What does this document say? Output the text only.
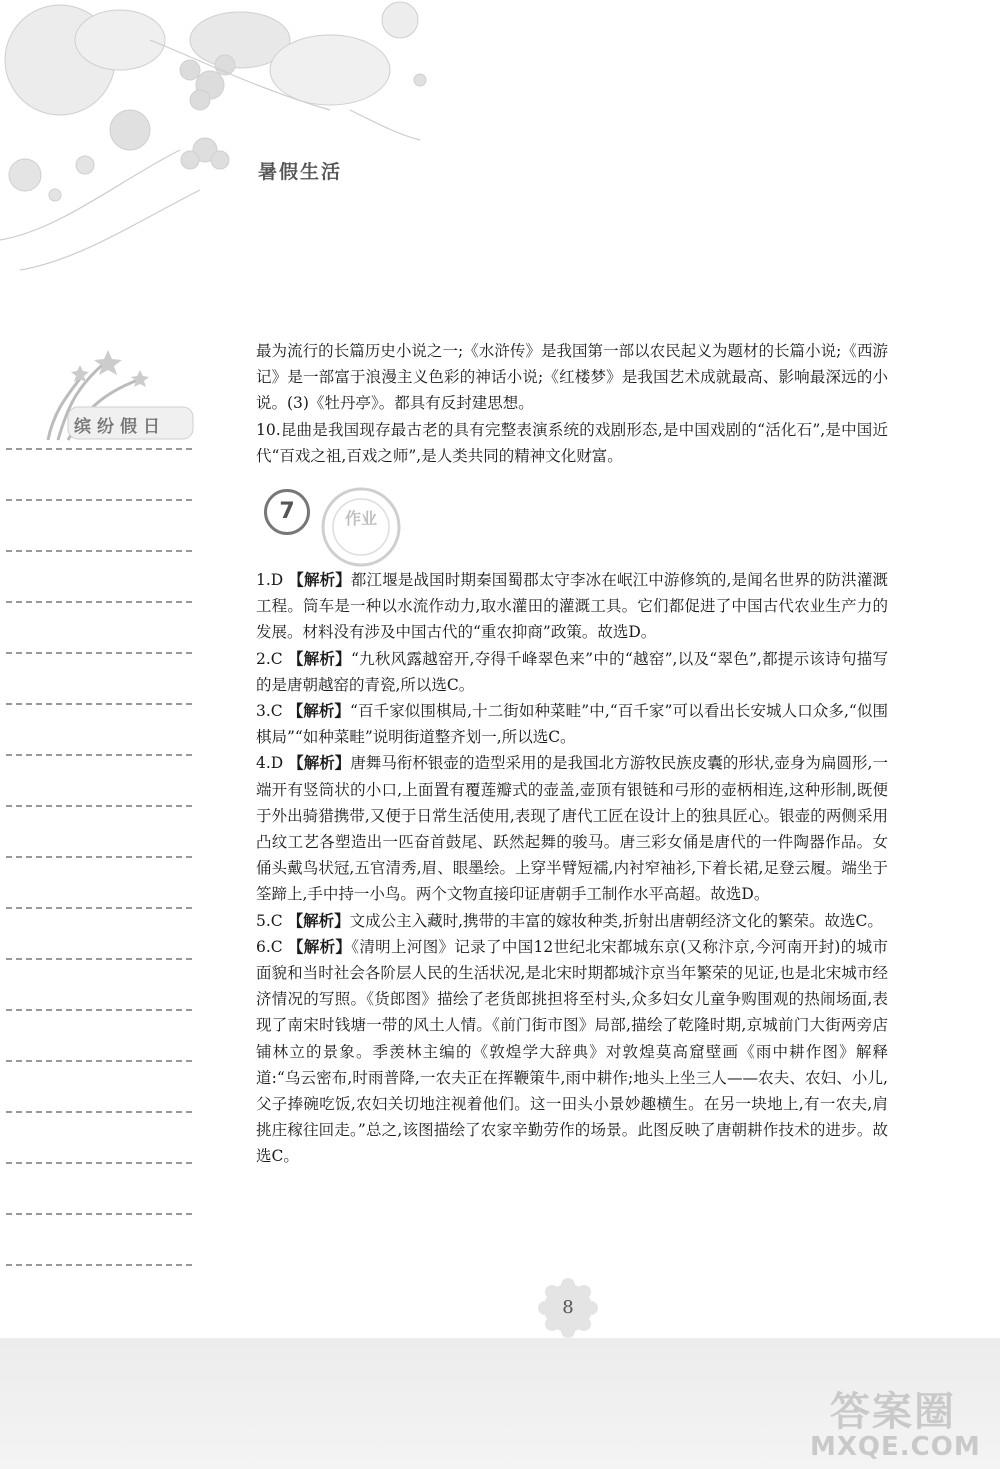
暑假生活
缤纷假日
作业

最为流行的长篇历史小说之一;《水浒传》是我国第一部以农民起义为题材的长篇小说;《西游记》是一部富于浪漫主义色彩的神话小说;《红楼梦》是我国艺术成就最高、影响最深远的小说。(3)《牡丹亭》。都具有反封建思想。

10.昆曲是我国现存最古老的具有完整表演系统的戏剧形态,是中国戏剧的“活化石”,是中国近代“百戏之祖,百戏之师”,是人类共同的精神文化财富。

7

1.D 【解析】都江堰是战国时期秦国蜀郡太守李冰在岷江中游修筑的,是闻名世界的防洪灌溉工程。筒车是一种以水流作动力,取水灌田的灌溉工具。它们都促进了中国古代农业生产力的发展。材料没有涉及中国古代的“重农抑商”政策。故选D。

2.C 【解析】“九秋风露越窑开,夺得千峰翠色来”中的“越窑”,以及“翠色”,都提示该诗句描写的是唐朝越窑的青瓷,所以选C。

3.C 【解析】“百千家似围棋局,十二街如种菜畦”中,“百千家”可以看出长安城人口众多,“似围棋局”“如种菜畦”说明街道整齐划一,所以选C。

4.D 【解析】唐舞马衔杯银壶的造型采用的是我国北方游牧民族皮囊的形状,壶身为扁圆形,一端开有竖筒状的小口,上面置有覆莲瓣式的壶盖,壶顶有银链和弓形的壶柄相连,这种形制,既便于外出骑猎携带,又便于日常生活使用,表现了唐代工匠在设计上的独具匠心。银壶的两侧采用凸纹工艺各塑造出一匹奋首鼓尾、跃然起舞的骏马。唐三彩女俑是唐代的一件陶器作品。女俑头戴鸟状冠,五官清秀,眉、眼墨绘。上穿半臂短襦,内衬窄袖衫,下着长裙,足登云履。端坐于筌蹄上,手中持一小鸟。两个文物直接印证唐朝手工制作水平高超。故选D。

5.C 【解析】文成公主入藏时,携带的丰富的嫁妆种类,折射出唐朝经济文化的繁荣。故选C。

6.C 【解析】《清明上河图》记录了中国12世纪北宋都城东京(又称汴京,今河南开封)的城市面貌和当时社会各阶层人民的生活状况,是北宋时期都城汴京当年繁荣的见证,也是北宋城市经济情况的写照。《货郎图》描绘了老货郎挑担将至村头,众多妇女儿童争购围观的热闹场面,表现了南宋时钱塘一带的风土人情。《前门街市图》局部,描绘了乾隆时期,京城前门大街两旁店铺林立的景象。季羡林主编的《敦煌学大辞典》对敦煌莫高窟壁画《雨中耕作图》解释道:“乌云密布,时雨普降,一农夫正在挥鞭策牛,雨中耕作;地头上坐三人——农夫、农妇、小儿,父子捧碗吃饭,农妇关切地注视着他们。这一田头小景妙趣横生。在另一块地上,有一农夫,肩挑庄稼往回走。”总之,该图描绘了农家辛勤劳作的场景。此图反映了唐朝耕作技术的进步。故选C。

8
答案圈
MXQE.COM
